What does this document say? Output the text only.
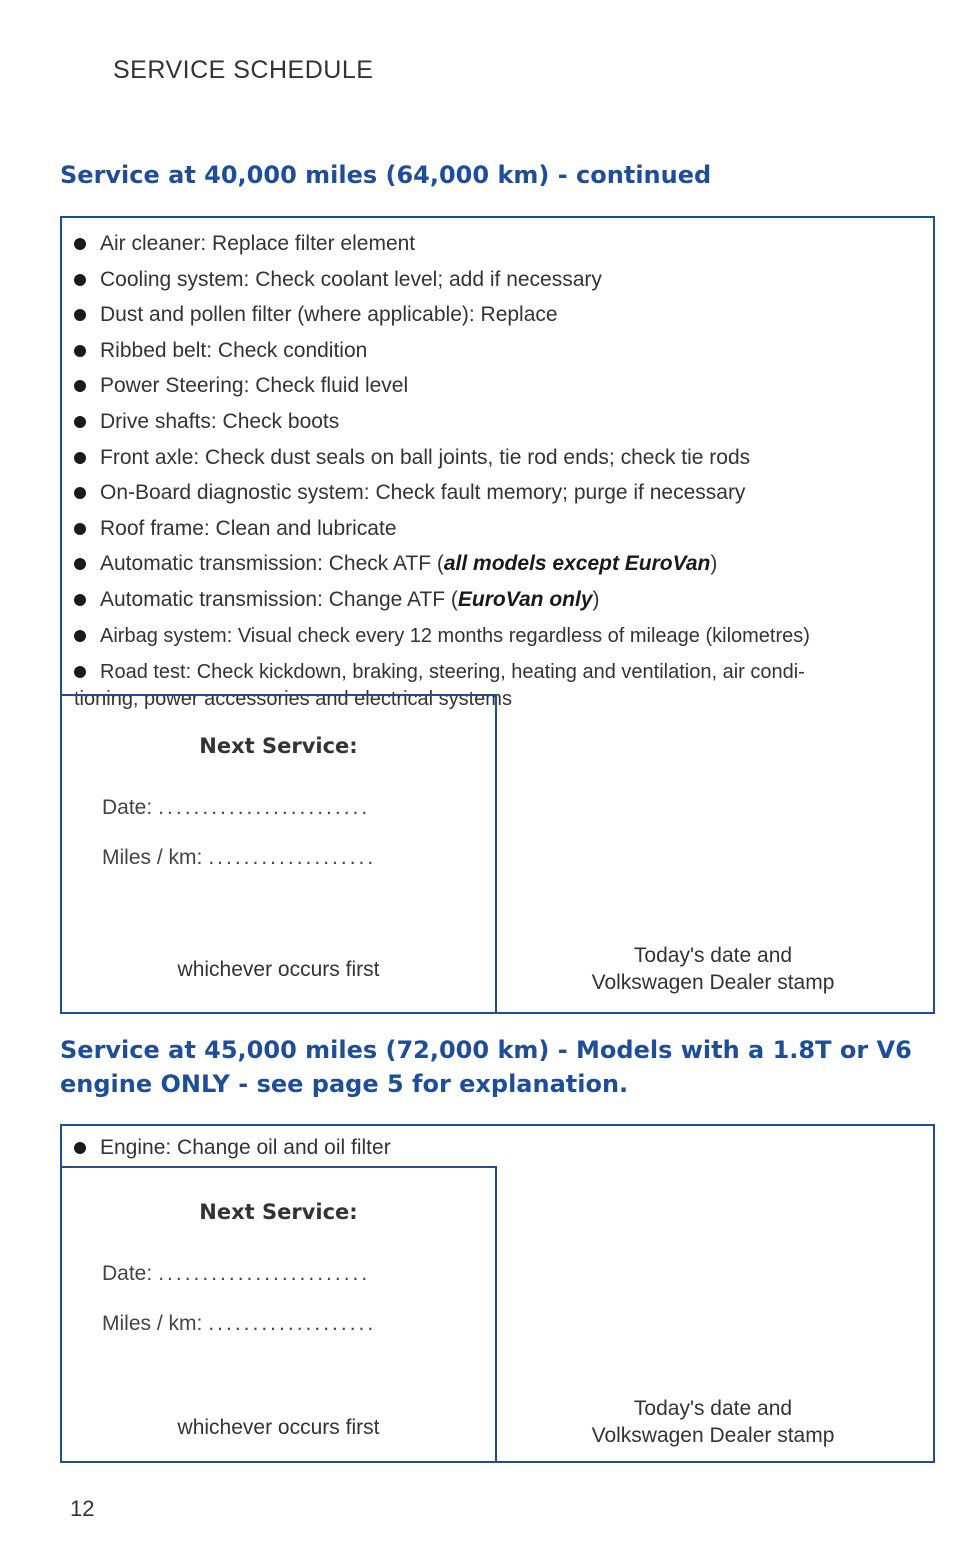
SERVICE SCHEDULE
Service at 40,000 miles (64,000 km) - continued
Air cleaner: Replace filter element
Cooling system: Check coolant level; add if necessary
Dust and pollen filter (where applicable): Replace
Ribbed belt: Check condition
Power Steering: Check fluid level
Drive shafts: Check boots
Front axle: Check dust seals on ball joints, tie rod ends; check tie rods
On-Board diagnostic system: Check fault memory; purge if necessary
Roof frame: Clean and lubricate
Automatic transmission: Check ATF (all models except EuroVan)
Automatic transmission: Change ATF (EuroVan only)
Airbag system: Visual check every 12 months regardless of mileage (kilometres)
Road test: Check kickdown, braking, steering, heating and ventilation, air condi-
tioning, power accessories and electrical systems
Next Service:
Date: ........................
Miles / km: ...................
whichever occurs first
Today's date and
Volkswagen Dealer stamp
Service at 45,000 miles (72,000 km) - Models with a 1.8T or V6
engine ONLY - see page 5 for explanation.
Engine: Change oil and oil filter
Next Service:
Date: ........................
Miles / km: ...................
whichever occurs first
Today's date and
Volkswagen Dealer stamp
12
